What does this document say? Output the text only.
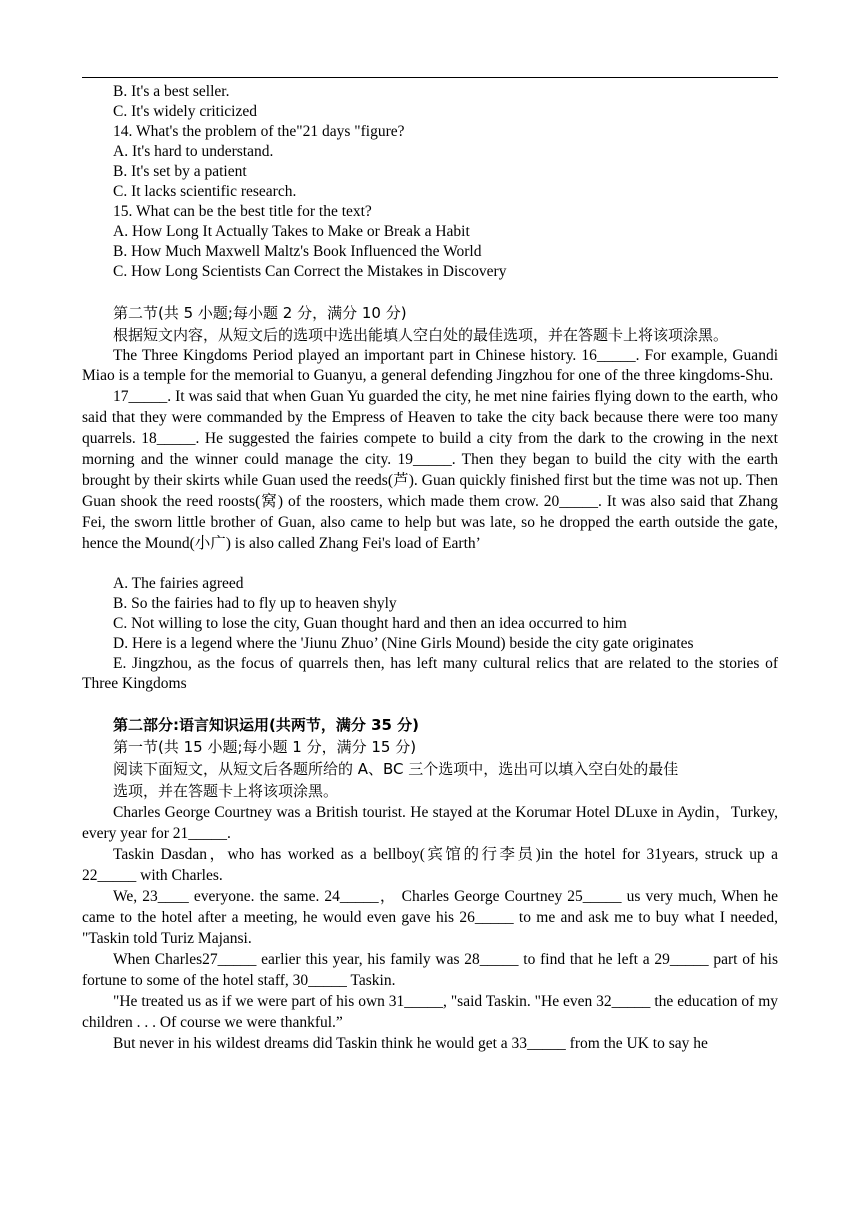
B. It's a best seller.

C. It's widely criticized

14. What's the problem of the"21 days "figure?

A. It's hard to understand.

B. It's set by a patient

C. It lacks scientific research.

15. What can be the best title for the text?

A. How Long It Actually Takes to Make or Break a Habit

B. How Much Maxwell Maltz's Book Influenced the World

C. How Long Scientists Can Correct the Mistakes in Discovery

第二节(共 5 小题;每小题 2 分，满分 10 分)

根据短文内容，从短文后的选项中选出能填人空白处的最佳选项，并在答题卡上将该项涂黑。

The Three Kingdoms Period played an important part in Chinese history. 16_____. For example, Guandi Miao is a temple for the memorial to Guanyu, a general defending Jingzhou for one of the three kingdoms-Shu.

17_____. It was said that when Guan Yu guarded the city, he met nine fairies flying down to the earth, who said that they were commanded by the Empress of Heaven to take the city back because there were too many quarrels. 18_____. He suggested the fairies compete to build a city from the dark to the crowing in the next morning and the winner could manage the city. 19_____. Then they began to build the city with the earth brought by their skirts while Guan used the reeds(芦). Guan quickly finished first but the time was not up. Then Guan shook the reed roosts(窝) of the roosters, which made them crow. 20_____. It was also said that Zhang Fei, the sworn little brother of Guan, also came to help but was late, so he dropped the earth outside the gate, hence the Mound(小广) is also called Zhang Fei's load of Earth’

A. The fairies agreed

B. So the fairies had to fly up to heaven shyly

C. Not willing to lose the city, Guan thought hard and then an idea occurred to him

D. Here is a legend where the 'Jiunu Zhuo’ (Nine Girls Mound) beside the city gate originates

E. Jingzhou, as the focus of quarrels then, has left many cultural relics that are related to the stories of Three Kingdoms

第二部分:语言知识运用(共两节，满分 35 分)

第一节(共 15 小题;每小题 1 分，满分 15 分)

阅读下面短文，从短文后各题所给的 A、BC 三个选项中，选出可以填入空白处的最佳

选项，并在答题卡上将该项涂黑。

Charles George Courtney was a British tourist. He stayed at the Korumar Hotel DLuxe in Aydin，Turkey, every year for 21_____.

Taskin Dasdan，who has worked as a bellboy(宾馆的行李员)in the hotel for 31years, struck up a 22_____ with Charles.

We, 23____ everyone. the same. 24_____， Charles George Courtney 25_____ us very much, When he came to the hotel after a meeting, he would even gave his 26_____ to me and ask me to buy what I needed, "Taskin told Turiz Majansi.

When Charles27_____ earlier this year, his family was 28_____ to find that he left a 29_____ part of his fortune to some of the hotel staff, 30_____ Taskin.

"He treated us as if we were part of his own 31_____, "said Taskin. "He even 32_____ the education of my children . . . Of course we were thankful.”

But never in his wildest dreams did Taskin think he would get a 33_____ from the UK to say he
